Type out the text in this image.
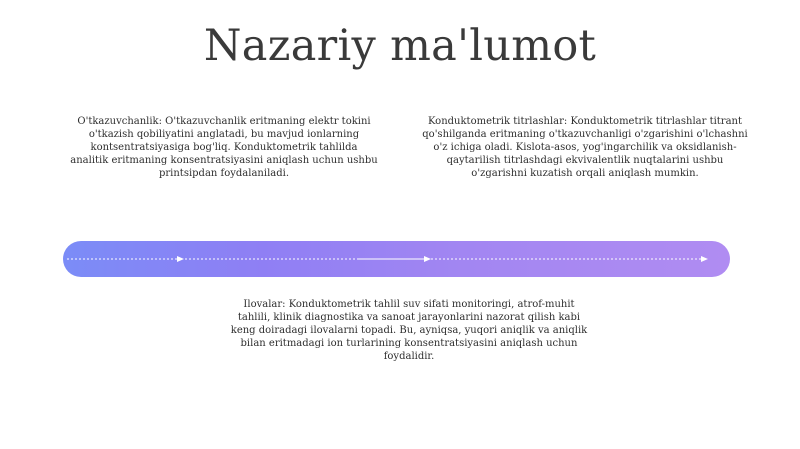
Nazariy ma'lumot
O'tkazuvchanlik: O'tkazuvchanlik eritmaning elektr tokini o'tkazish qobiliyatini anglatadi, bu mavjud ionlarning kontsentratsiyasiga bog'liq. Konduktometrik tahlilda analitik eritmaning konsentratsiyasini aniqlash uchun ushbu printsipdan foydalaniladi.
Konduktometrik titrlashlar: Konduktometrik titrlashlar titrant qo'shilganda eritmaning o'tkazuvchanligi o'zgarishini o'lchashni o'z ichiga oladi. Kislota-asos, yog'ingarchilik va oksidlanish-qaytarilish titrlashdagi ekvivalentlik nuqtalarini ushbu o'zgarishni kuzatish orqali aniqlash mumkin.
Ilovalar: Konduktometrik tahlil suv sifati monitoringi, atrof-muhit tahlili, klinik diagnostika va sanoat jarayonlarini nazorat qilish kabi keng doiradagi ilovalarni topadi. Bu, ayniqsa, yuqori aniqlik va aniqlik bilan eritmadagi ion turlarining konsentratsiyasini aniqlash uchun foydalidir.
